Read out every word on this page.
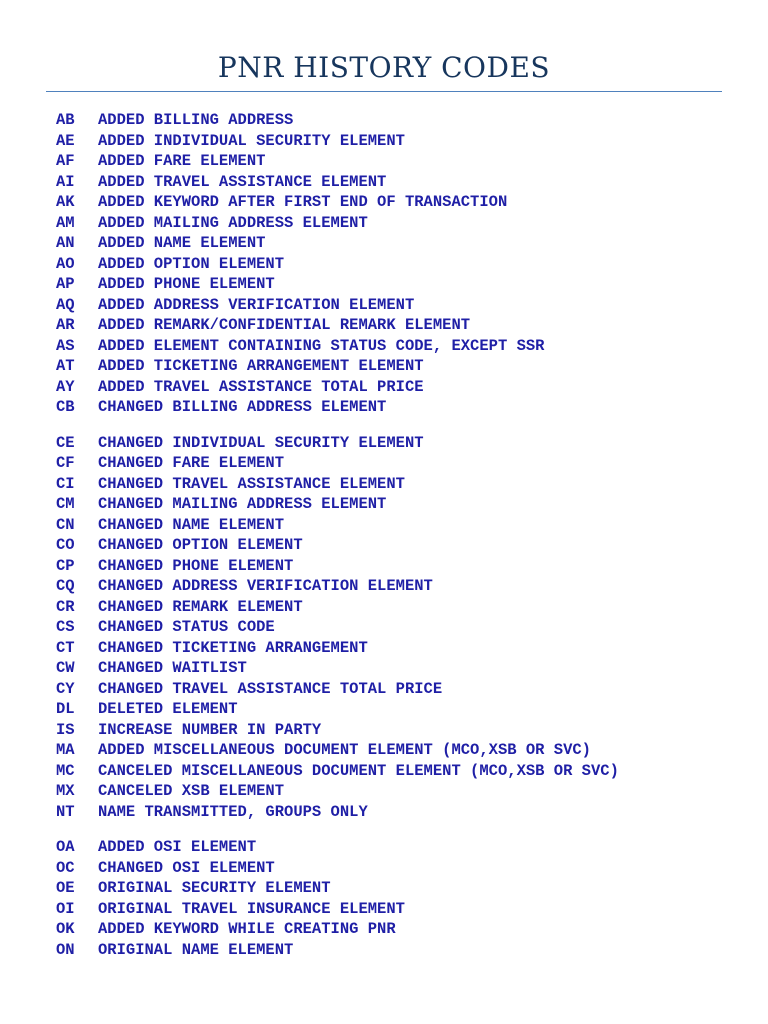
PNR HISTORY CODES
AB	ADDED BILLING ADDRESS
AE	ADDED INDIVIDUAL SECURITY ELEMENT
AF	ADDED FARE ELEMENT
AI	ADDED TRAVEL ASSISTANCE ELEMENT
AK	ADDED KEYWORD AFTER FIRST END OF TRANSACTION
AM	ADDED MAILING ADDRESS ELEMENT
AN	ADDED NAME ELEMENT
AO	ADDED OPTION ELEMENT
AP	ADDED PHONE ELEMENT
AQ	ADDED ADDRESS VERIFICATION ELEMENT
AR	ADDED REMARK/CONFIDENTIAL REMARK ELEMENT
AS	ADDED ELEMENT CONTAINING STATUS CODE, EXCEPT SSR
AT	ADDED TICKETING ARRANGEMENT ELEMENT
AY	ADDED TRAVEL ASSISTANCE TOTAL PRICE
CB	CHANGED BILLING ADDRESS ELEMENT
CE	CHANGED INDIVIDUAL SECURITY ELEMENT
CF	CHANGED FARE ELEMENT
CI	CHANGED TRAVEL ASSISTANCE ELEMENT
CM	CHANGED MAILING ADDRESS ELEMENT
CN	CHANGED NAME ELEMENT
CO	CHANGED OPTION ELEMENT
CP	CHANGED PHONE ELEMENT
CQ	CHANGED ADDRESS VERIFICATION ELEMENT
CR	CHANGED REMARK ELEMENT
CS	CHANGED STATUS CODE
CT	CHANGED TICKETING ARRANGEMENT
CW	CHANGED WAITLIST
CY	CHANGED TRAVEL ASSISTANCE TOTAL PRICE
DL	DELETED ELEMENT
IS	INCREASE NUMBER IN PARTY
MA	ADDED MISCELLANEOUS DOCUMENT ELEMENT (MCO,XSB OR SVC)
MC	CANCELED MISCELLANEOUS DOCUMENT ELEMENT (MCO,XSB OR SVC)
MX	CANCELED XSB ELEMENT
NT	NAME TRANSMITTED, GROUPS ONLY
OA	ADDED OSI ELEMENT
OC	CHANGED OSI ELEMENT
OE	ORIGINAL SECURITY ELEMENT
OI	ORIGINAL TRAVEL INSURANCE ELEMENT
OK	ADDED KEYWORD WHILE CREATING PNR
ON	ORIGINAL NAME ELEMENT
